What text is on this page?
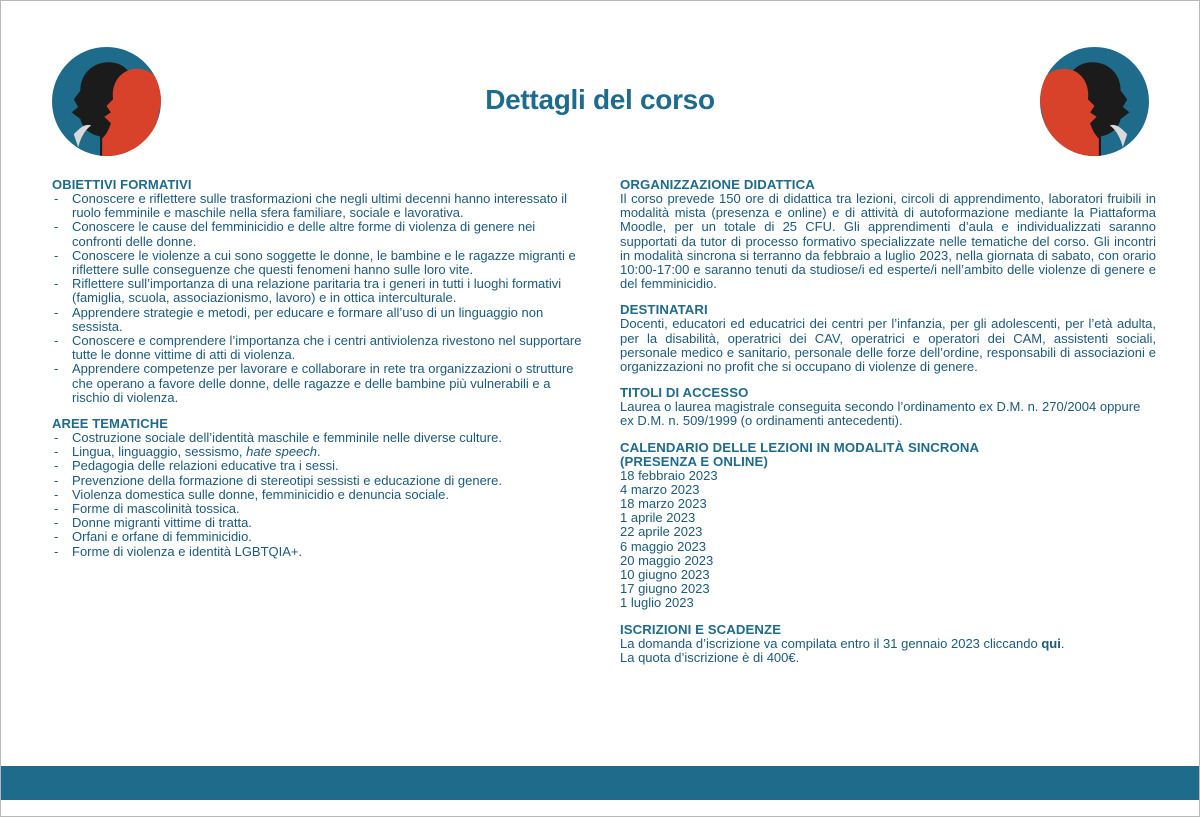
Dettagli del corso
OBIETTIVI FORMATIVI
- Conoscere e riflettere sulle trasformazioni che negli ultimi decenni hanno interessato il ruolo femminile e maschile nella sfera familiare, sociale e lavorativa.
- Conoscere le cause del femminicidio e delle altre forme di violenza di genere nei confronti delle donne.
- Conoscere le violenze a cui sono soggette le donne, le bambine e le ragazze migranti e riflettere sulle conseguenze che questi fenomeni hanno sulle loro vite.
- Riflettere sull’importanza di una relazione paritaria tra i generi in tutti i luoghi formativi (famiglia, scuola, associazionismo, lavoro) e in ottica interculturale.
- Apprendere strategie e metodi, per educare e formare all’uso di un linguaggio non sessista.
- Conoscere e comprendere l’importanza che i centri antiviolenza rivestono nel supportare tutte le donne vittime di atti di violenza.
- Apprendere competenze per lavorare e collaborare in rete tra organizzazioni o strutture che operano a favore delle donne, delle ragazze e delle bambine più vulnerabili e a rischio di violenza.
AREE TEMATICHE
- Costruzione sociale dell’identità maschile e femminile nelle diverse culture.
- Lingua, linguaggio, sessismo, hate speech.
- Pedagogia delle relazioni educative tra i sessi.
- Prevenzione della formazione di stereotipi sessisti e educazione di genere.
- Violenza domestica sulle donne, femminicidio e denuncia sociale.
- Forme di mascolinità tossica.
- Donne migranti vittime di tratta.
- Orfani e orfane di femminicidio.
- Forme di violenza e identità LGBTQIA+.
ORGANIZZAZIONE DIDATTICA

Il corso prevede 150 ore di didattica tra lezioni, circoli di apprendimento, laboratori fruibili in modalità mista (presenza e online) e di attività di autoformazione mediante la Piattaforma Moodle, per un totale di 25 CFU. Gli apprendimenti d’aula e individualizzati saranno supportati da tutor di processo formativo specializzate nelle tematiche del corso. Gli incontri in modalità sincrona si terranno da febbraio a luglio 2023, nella giornata di sabato, con orario 10:00-17:00 e saranno tenuti da studiose/i ed esperte/i nell’ambito delle violenze di genere e del femminicidio.

DESTINATARI

Docenti, educatori ed educatrici dei centri per l’infanzia, per gli adolescenti, per l’età adulta, per la disabilità, operatrici dei CAV, operatrici e operatori dei CAM, assistenti sociali, personale medico e sanitario, personale delle forze dell’ordine, responsabili di associazioni e organizzazioni no profit che si occupano di violenze di genere.

TITOLI DI ACCESSO

Laurea o laurea magistrale conseguita secondo l’ordinamento ex D.M. n. 270/2004 oppure ex D.M. n. 509/1999 (o ordinamenti antecedenti).

CALENDARIO DELLE LEZIONI IN MODALITÀ SINCRONA
(PRESENZA E ONLINE)
18 febbraio 2023
4 marzo 2023
18 marzo 2023
1 aprile 2023
22 aprile 2023
6 maggio 2023
20 maggio 2023
10 giugno 2023
17 giugno 2023
1 luglio 2023
ISCRIZIONI E SCADENZE

La domanda d’iscrizione va compilata entro il 31 gennaio 2023 cliccando qui.

La quota d’iscrizione è di 400€.
